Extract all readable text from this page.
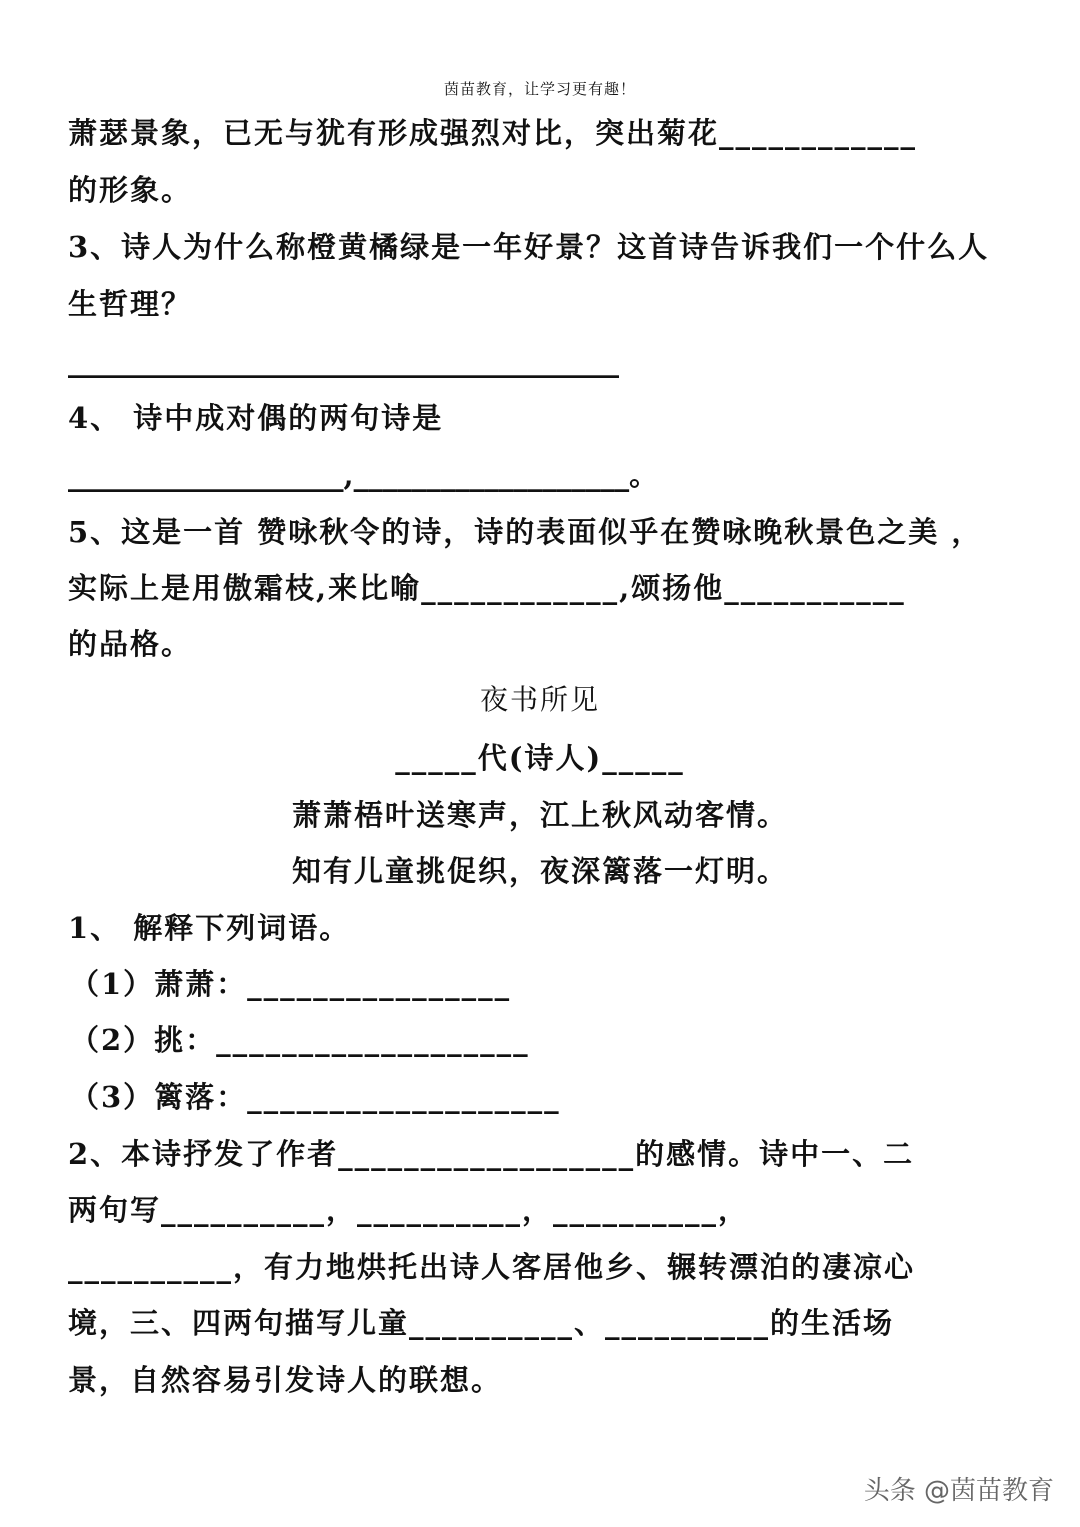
茵苗教育，让学习更有趣！
萧瑟景象，已无与犹有形成强烈对比，突出菊花____________
的形象。
3、诗人为什么称橙黄橘绿是一年好景？这首诗告诉我们一个什么人
生哲理？
______________________________________
4、 诗中成对偶的两句诗是
___________________,___________________。
5、这是一首 赞咏秋令的诗，诗的表面似乎在赞咏晚秋景色之美 ，
实际上是用傲霜枝,来比喻____________,颂扬他___________
的品格。
夜书所见
_____代(诗人)_____
萧萧梧叶送寒声，江上秋风动客情。
知有儿童挑促织，夜深篱落一灯明。
1、 解释下列词语。
（1）萧萧：________________
（2）挑：___________________
（3）篱落：___________________
2、本诗抒发了作者__________________的感情。诗中一、二
两句写__________，__________，__________，
__________，有力地烘托出诗人客居他乡、辗转漂泊的凄凉心
境，三、四两句描写儿童__________、__________的生活场
景，自然容易引发诗人的联想。
头条 @茵苗教育
